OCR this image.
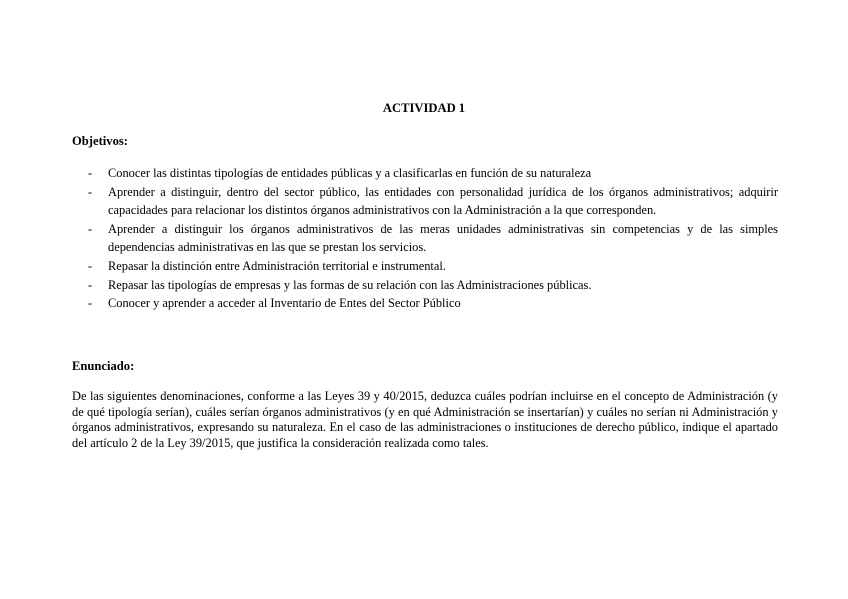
ACTIVIDAD 1
Objetivos:
- Conocer las distintas tipologías de entidades públicas y a clasificarlas en función de su naturaleza
- Aprender a distinguir, dentro del sector público, las entidades con personalidad jurídica de los órganos administrativos; adquirir capacidades para relacionar los distintos órganos administrativos con la Administración a la que corresponden.
- Aprender a distinguir los órganos administrativos de las meras unidades administrativas sin competencias y de las simples dependencias administrativas en las que se prestan los servicios.
- Repasar la distinción entre Administración territorial e instrumental.
- Repasar las tipologías de empresas y las formas de su relación con las Administraciones públicas.
- Conocer y aprender a acceder al Inventario de Entes del Sector Público
Enunciado:

De las siguientes denominaciones, conforme a las Leyes 39 y 40/2015, deduzca cuáles podrían incluirse en el concepto de Administración (y de qué tipología serían), cuáles serían órganos administrativos (y en qué Administración se insertarían) y cuáles no serían ni Administración y órganos administrativos, expresando su naturaleza. En el caso de las administraciones o instituciones de derecho público, indique el apartado del artículo 2 de la Ley 39/2015, que justifica la consideración realizada como tales.
